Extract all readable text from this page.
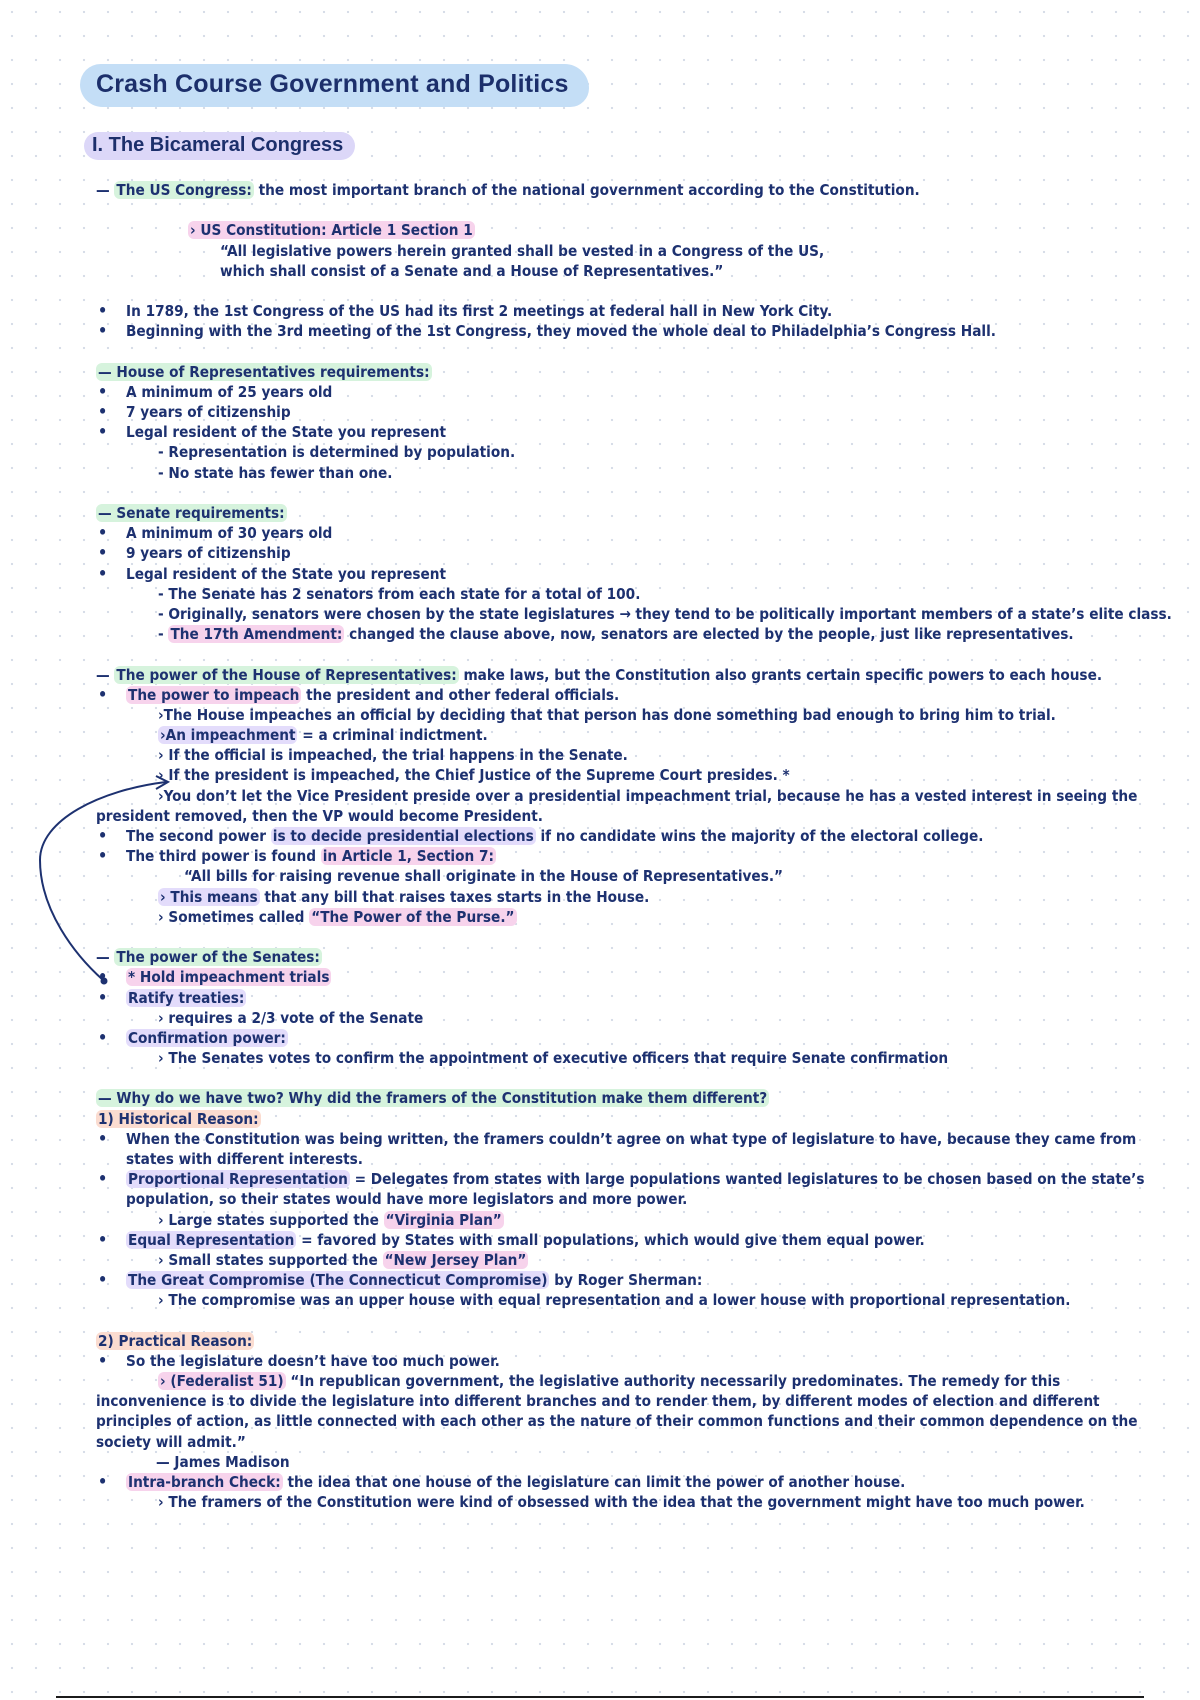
Crash Course Government and Politics
I. The Bicameral Congress
— The US Congress: the most important branch of the national government according to the Constitution.
› US Constitution: Article 1 Section 1
“All legislative powers herein granted shall be vested in a Congress of the US,
which shall consist of a Senate and a House of Representatives.”
• In 1789, the 1st Congress of the US had its first 2 meetings at federal hall in New York City.
• Beginning with the 3rd meeting of the 1st Congress, they moved the whole deal to Philadelphia’s Congress Hall.
— House of Representatives requirements:
• A minimum of 25 years old
• 7 years of citizenship
• Legal resident of the State you represent
- Representation is determined by population.
- No state has fewer than one.
— Senate requirements:
• A minimum of 30 years old
• 9 years of citizenship
• Legal resident of the State you represent
- The Senate has 2 senators from each state for a total of 100.
- Originally, senators were chosen by the state legislatures → they tend to be politically important members of a state’s elite class.
- The 17th Amendment: changed the clause above, now, senators are elected by the people, just like representatives.
— The power of the House of Representatives: make laws, but the Constitution also grants certain specific powers to each house.
• The power to impeach the president and other federal officials.
›The House impeaches an official by deciding that that person has done something bad enough to bring him to trial.
›An impeachment = a criminal indictment.
› If the official is impeached, the trial happens in the Senate.
› If the president is impeached, the Chief Justice of the Supreme Court presides. *
›You don’t let the Vice President preside over a presidential impeachment trial, because he has a vested interest in seeing the
president removed, then the VP would become President.
• The second power is to decide presidential elections if no candidate wins the majority of the electoral college.
• The third power is found in Article 1, Section 7:
“All bills for raising revenue shall originate in the House of Representatives.”
› This means that any bill that raises taxes starts in the House.
› Sometimes called “The Power of the Purse.”
— The power of the Senates:
• * Hold impeachment trials
• Ratify treaties:
› requires a 2/3 vote of the Senate
• Confirmation power:
› The Senates votes to confirm the appointment of executive officers that require Senate confirmation
— Why do we have two? Why did the framers of the Constitution make them different?
1) Historical Reason:
• When the Constitution was being written, the framers couldn’t agree on what type of legislature to have, because they came from
states with different interests.
• Proportional Representation = Delegates from states with large populations wanted legislatures to be chosen based on the state’s
population, so their states would have more legislators and more power.
› Large states supported the “Virginia Plan”
• Equal Representation = favored by States with small populations, which would give them equal power.
› Small states supported the “New Jersey Plan”
• The Great Compromise (The Connecticut Compromise) by Roger Sherman:
› The compromise was an upper house with equal representation and a lower house with proportional representation.
2) Practical Reason:
• So the legislature doesn’t have too much power.
› (Federalist 51) “In republican government, the legislative authority necessarily predominates. The remedy for this
inconvenience is to divide the legislature into different branches and to render them, by different modes of election and different
principles of action, as little connected with each other as the nature of their common functions and their common dependence on the
society will admit.”
— James Madison
• Intra-branch Check: the idea that one house of the legislature can limit the power of another house.
› The framers of the Constitution were kind of obsessed with the idea that the government might have too much power.
